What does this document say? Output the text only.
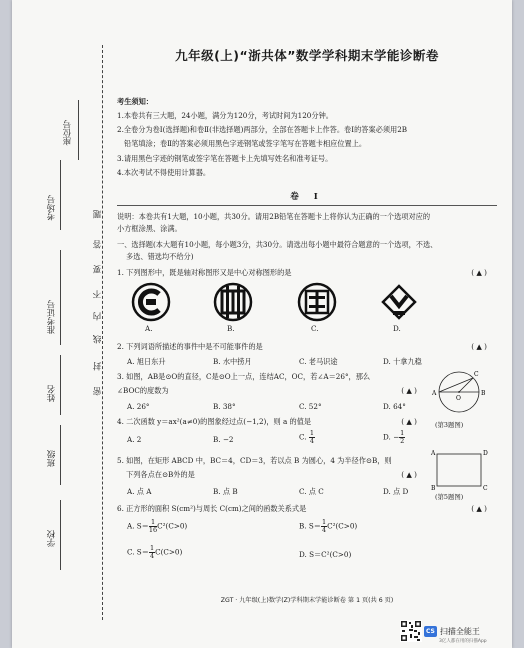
座位号
考场号
准考证号
姓名
班级
学校
题
答
要
不
内
线
封
密
九年级(上)“浙共体”数学学科期末学能诊断卷
考生须知：

1.本卷共有三大题，24小题，满分为120分，考试时间为120分钟。

2.全卷分为卷Ⅰ(选择题)和卷Ⅱ(非选择题)两部分，全部在答题卡上作答。卷Ⅰ的答案必须用2B

铅笔填涂；卷Ⅱ的答案必须用黑色字迹钢笔或签字笔写在答题卡相应位置上。

3.请用黑色字迹的钢笔或签字笔在答题卡上先填写姓名和准考证号。

4.本次考试不得使用计算器。

卷 Ⅰ

说明：本卷共有1大题，10小题，共30分。请用2B铅笔在答题卡上将你认为正确的一个选项对应的

小方框涂黑、涂满。

一、选择题(本大题有10小题，每小题3分，共30分。请选出每小题中最符合题意的一个选项，不选、

多选、错选均不给分)

1. 下列图形中，既是轴对称图形又是中心对称图形的是	( ▲ )
A.	B.	C.	D.

2. 下列词语所描述的事件中是不可能事件的是	( ▲ )
A. 旭日东升	B. 水中捞月	C. 老马识途	D. 十拿九稳

3. 如图，AB是⊙O的直径，C是⊙O上一点，连结AC，OC，若∠A＝26°，那么

∠BOC的度数为	( ▲ )
A. 26°	B. 38°	C. 52°	D. 64°
A
O
B
C
(第3题图)

4. 二次函数 y＝ax²(a≠0)的图象经过点(−1,2)，则 a 的值是	( ▲ )
A. 2	B. −2	C. $\frac{1}{4}$	D. − $\frac{1}{2}$

5. 如图，在矩形 ABCD 中，BC＝4，CD＝3，若以点 B 为圆心，4 为半径作⊙B，则

下列各点在⊙B外的是	( ▲ )
A. 点 A	B. 点 B	C. 点 C	D. 点 D
A	D
B	C
(第5题图)

6. 正方形的面积 S(cm²)与周长 C(cm)之间的函数关系式是	( ▲ )
A. $S= \frac{1}{16} C^2(C>0)$	B. $S= \frac{1}{4} C^2(C>0)$
C. $S= \frac{1}{4} C(C>0)$	D. S＝C²(C>0)
ZGT · 九年级(上)数学(Z)学科期末学能诊断卷 第 1 页(共 6 页)
CS 扫描全能王
3亿人都在用的扫描App
